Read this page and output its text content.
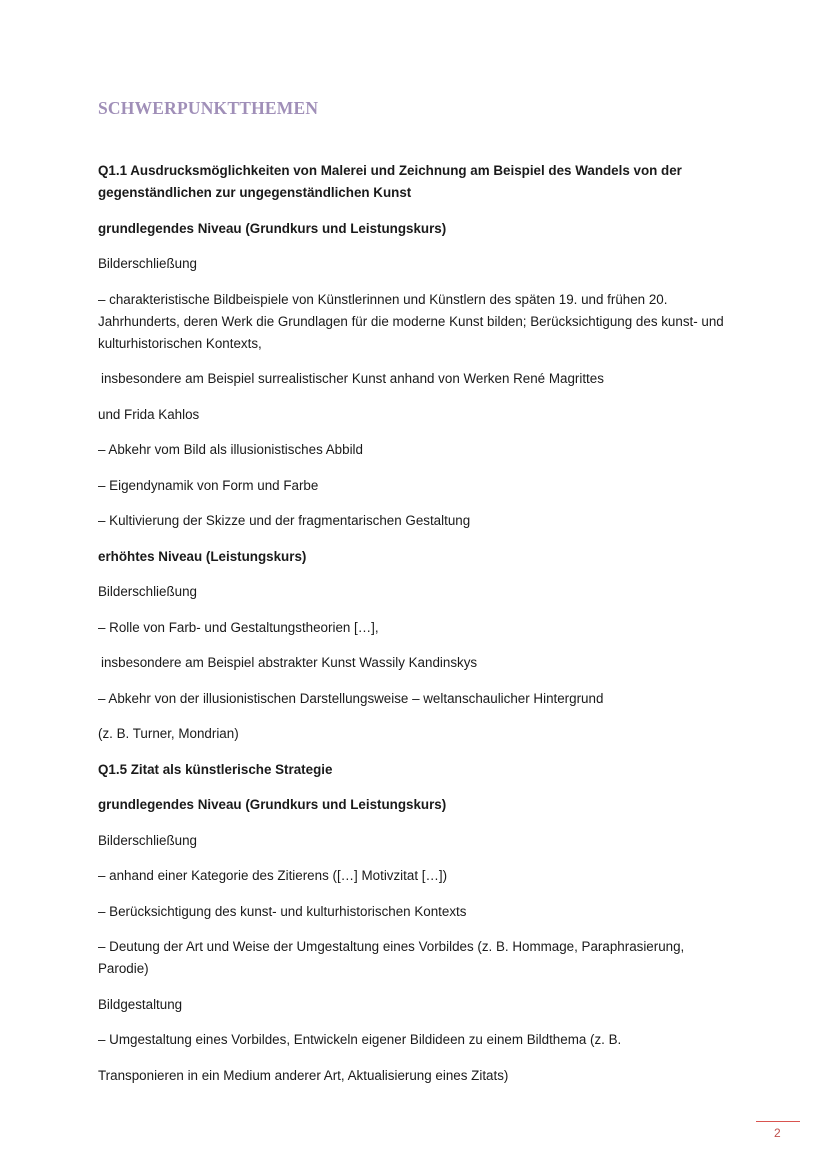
SCHWERPUNKTTHEMEN

Q1.1 Ausdrucksmöglichkeiten von Malerei und Zeichnung am Beispiel des Wandels von der gegenständlichen zur ungegenständlichen Kunst

grundlegendes Niveau (Grundkurs und Leistungskurs)

Bilderschließung

– charakteristische Bildbeispiele von Künstlerinnen und Künstlern des späten 19. und frühen 20. Jahrhunderts, deren Werk die Grundlagen für die moderne Kunst bilden; Berücksichtigung des kunst- und kulturhistorischen Kontexts,

insbesondere am Beispiel surrealistischer Kunst anhand von Werken René Magrittes

und Frida Kahlos

– Abkehr vom Bild als illusionistisches Abbild

– Eigendynamik von Form und Farbe

– Kultivierung der Skizze und der fragmentarischen Gestaltung

erhöhtes Niveau (Leistungskurs)

Bilderschließung

– Rolle von Farb- und Gestaltungstheorien […],

insbesondere am Beispiel abstrakter Kunst Wassily Kandinskys

– Abkehr von der illusionistischen Darstellungsweise – weltanschaulicher Hintergrund

(z. B. Turner, Mondrian)

Q1.5 Zitat als künstlerische Strategie

grundlegendes Niveau (Grundkurs und Leistungskurs)

Bilderschließung

– anhand einer Kategorie des Zitierens ([…] Motivzitat […])

– Berücksichtigung des kunst- und kulturhistorischen Kontexts

– Deutung der Art und Weise der Umgestaltung eines Vorbildes (z. B. Hommage, Paraphrasierung, Parodie)

Bildgestaltung

– Umgestaltung eines Vorbildes, Entwickeln eigener Bildideen zu einem Bildthema (z. B.

Transponieren in ein Medium anderer Art, Aktualisierung eines Zitats)

2
